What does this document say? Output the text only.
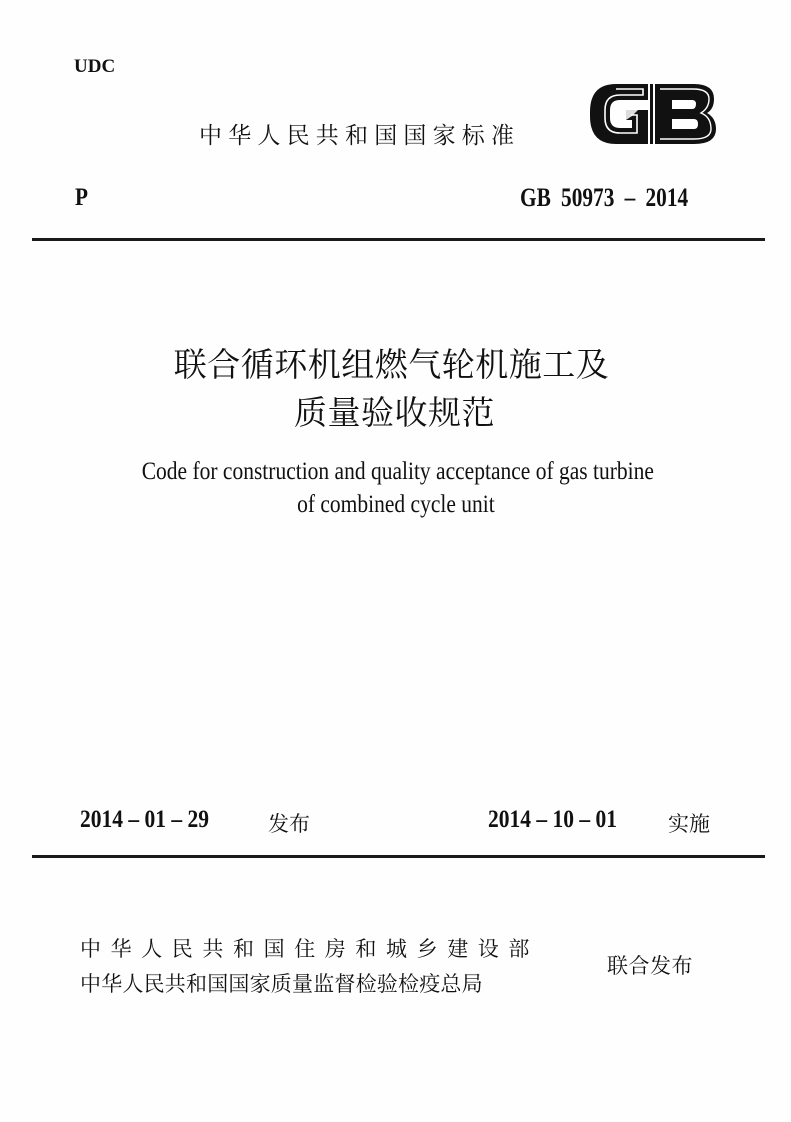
UDC
中华人民共和国国家标准
P	GB 50973 – 2014
联合循环机组燃气轮机施工及
质量验收规范
Code for construction and quality acceptance of gas turbine
of combined cycle unit
2014 – 01 – 29	发布	2014 – 10 – 01 实施
中华人民共和国住房和城乡建设部
中华人民共和国国家质量监督检验检疫总局
联合发布
